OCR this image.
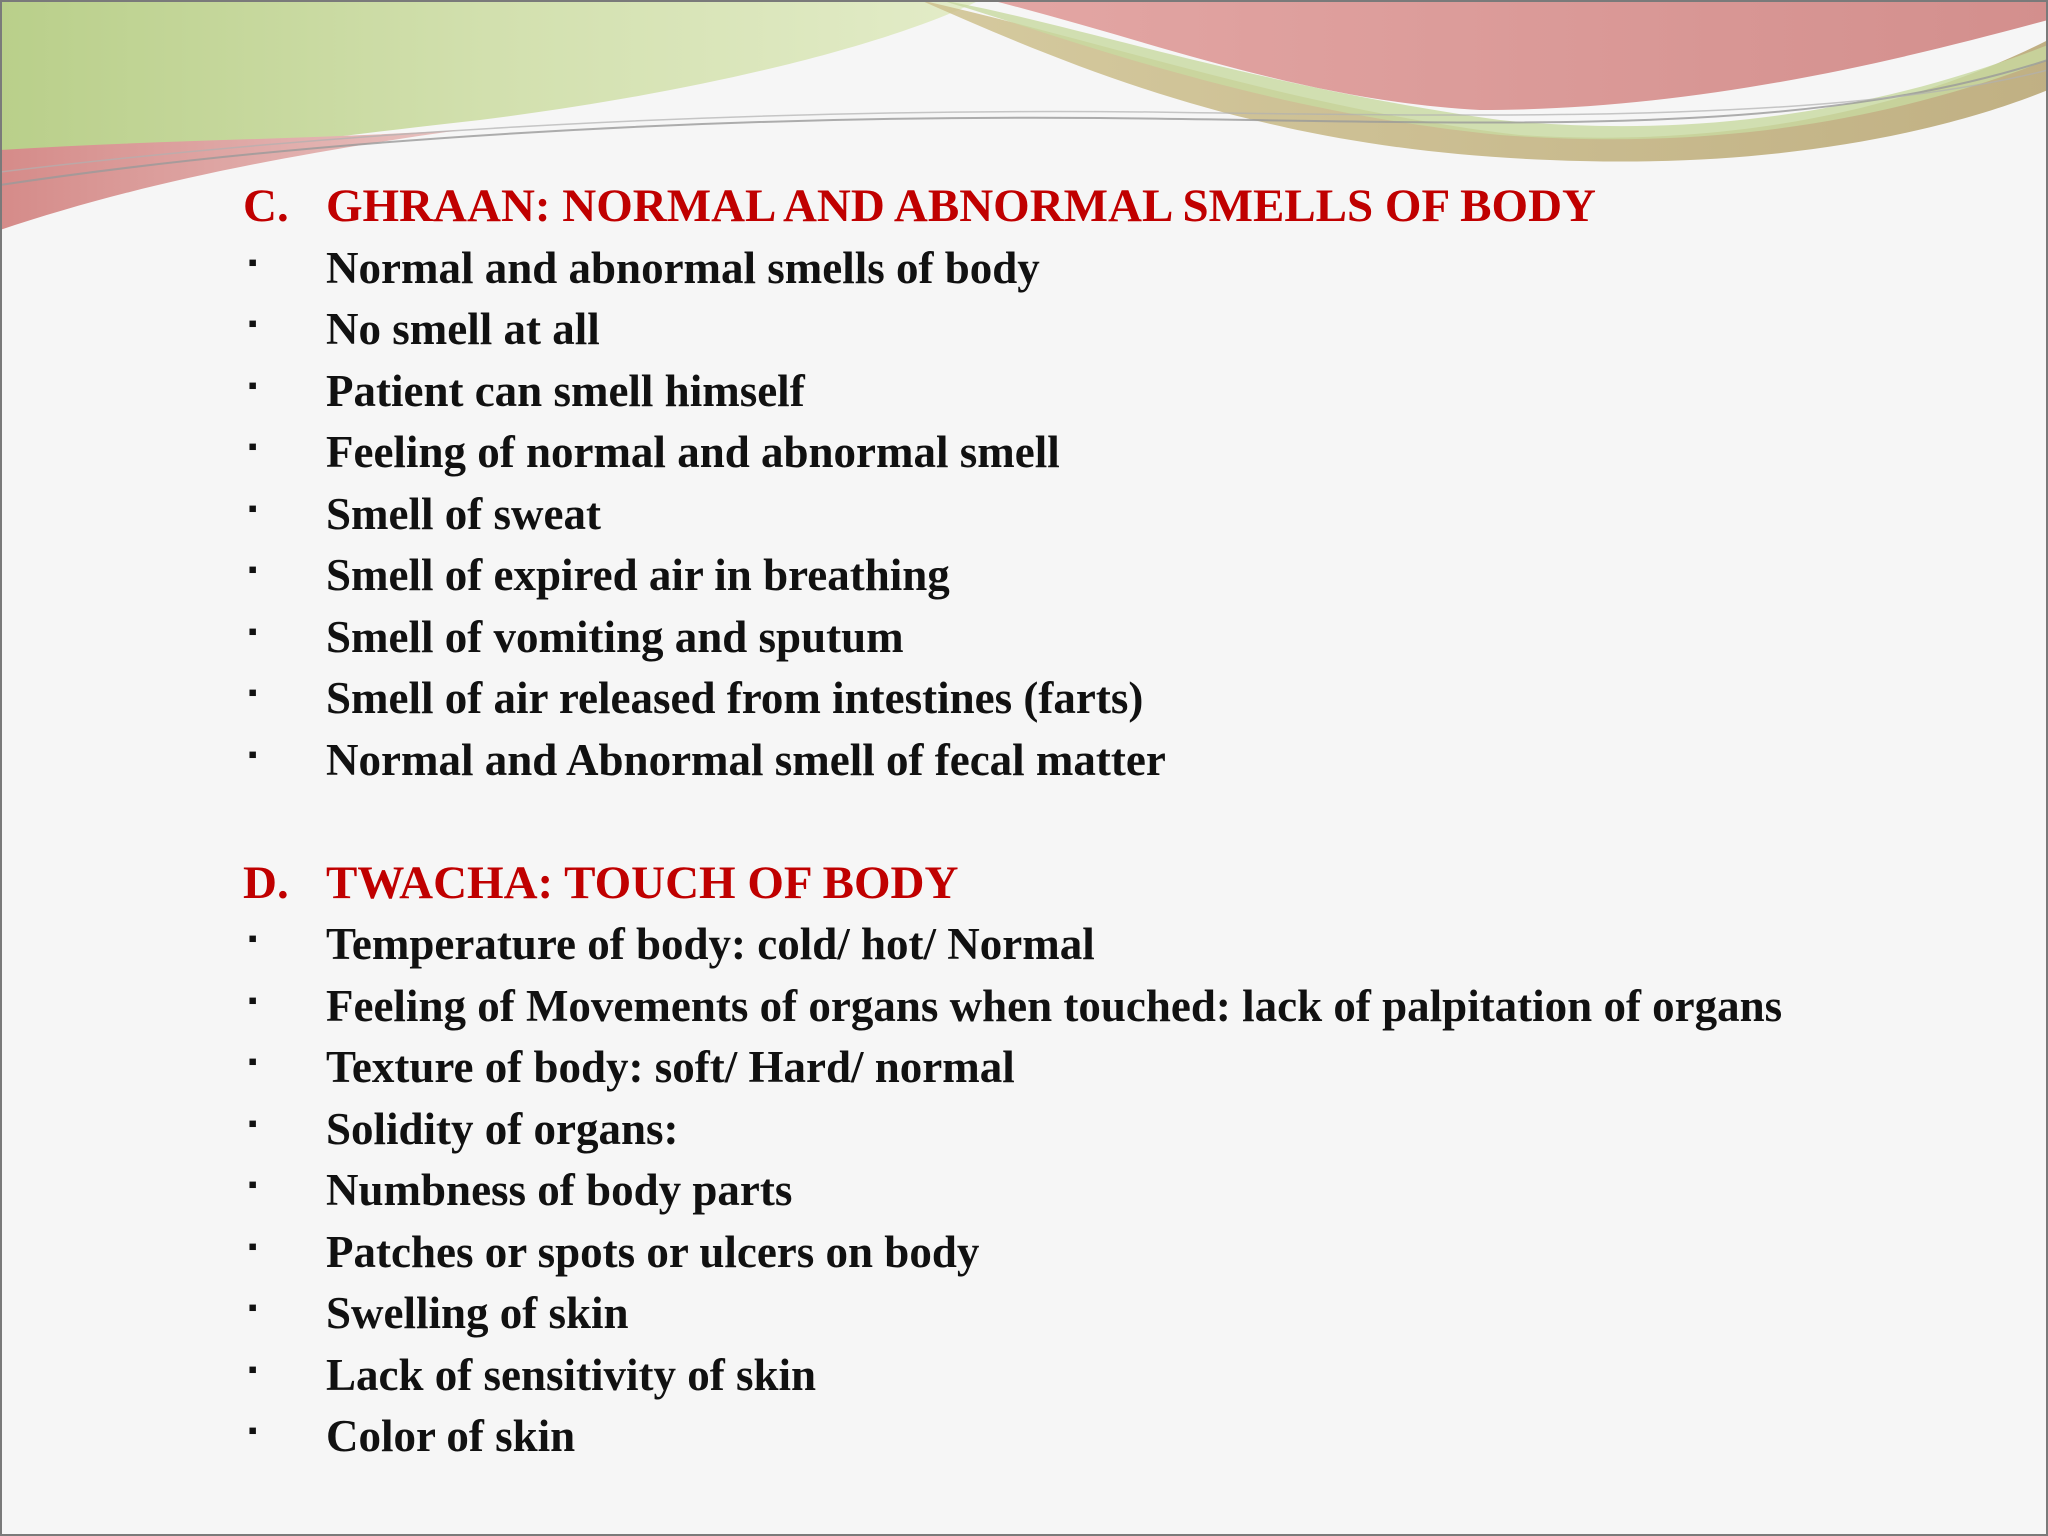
C. GHRAAN: NORMAL AND ABNORMAL SMELLS OF BODY
▪ Normal and abnormal smells of body
▪ No smell at all
▪ Patient can smell himself
▪ Feeling of normal and abnormal smell
▪ Smell of sweat
▪ Smell of expired air in breathing
▪ Smell of vomiting and sputum
▪ Smell of air released from intestines (farts)
▪ Normal and Abnormal smell of fecal matter
D. TWACHA: TOUCH OF BODY
▪ Temperature of body: cold/ hot/ Normal
▪ Feeling of Movements of organs when touched: lack of palpitation of organs
▪ Texture of body: soft/ Hard/ normal
▪ Solidity of organs:
▪ Numbness of body parts
▪ Patches or spots or ulcers on body
▪ Swelling of skin
▪ Lack of sensitivity of skin
▪ Color of skin
